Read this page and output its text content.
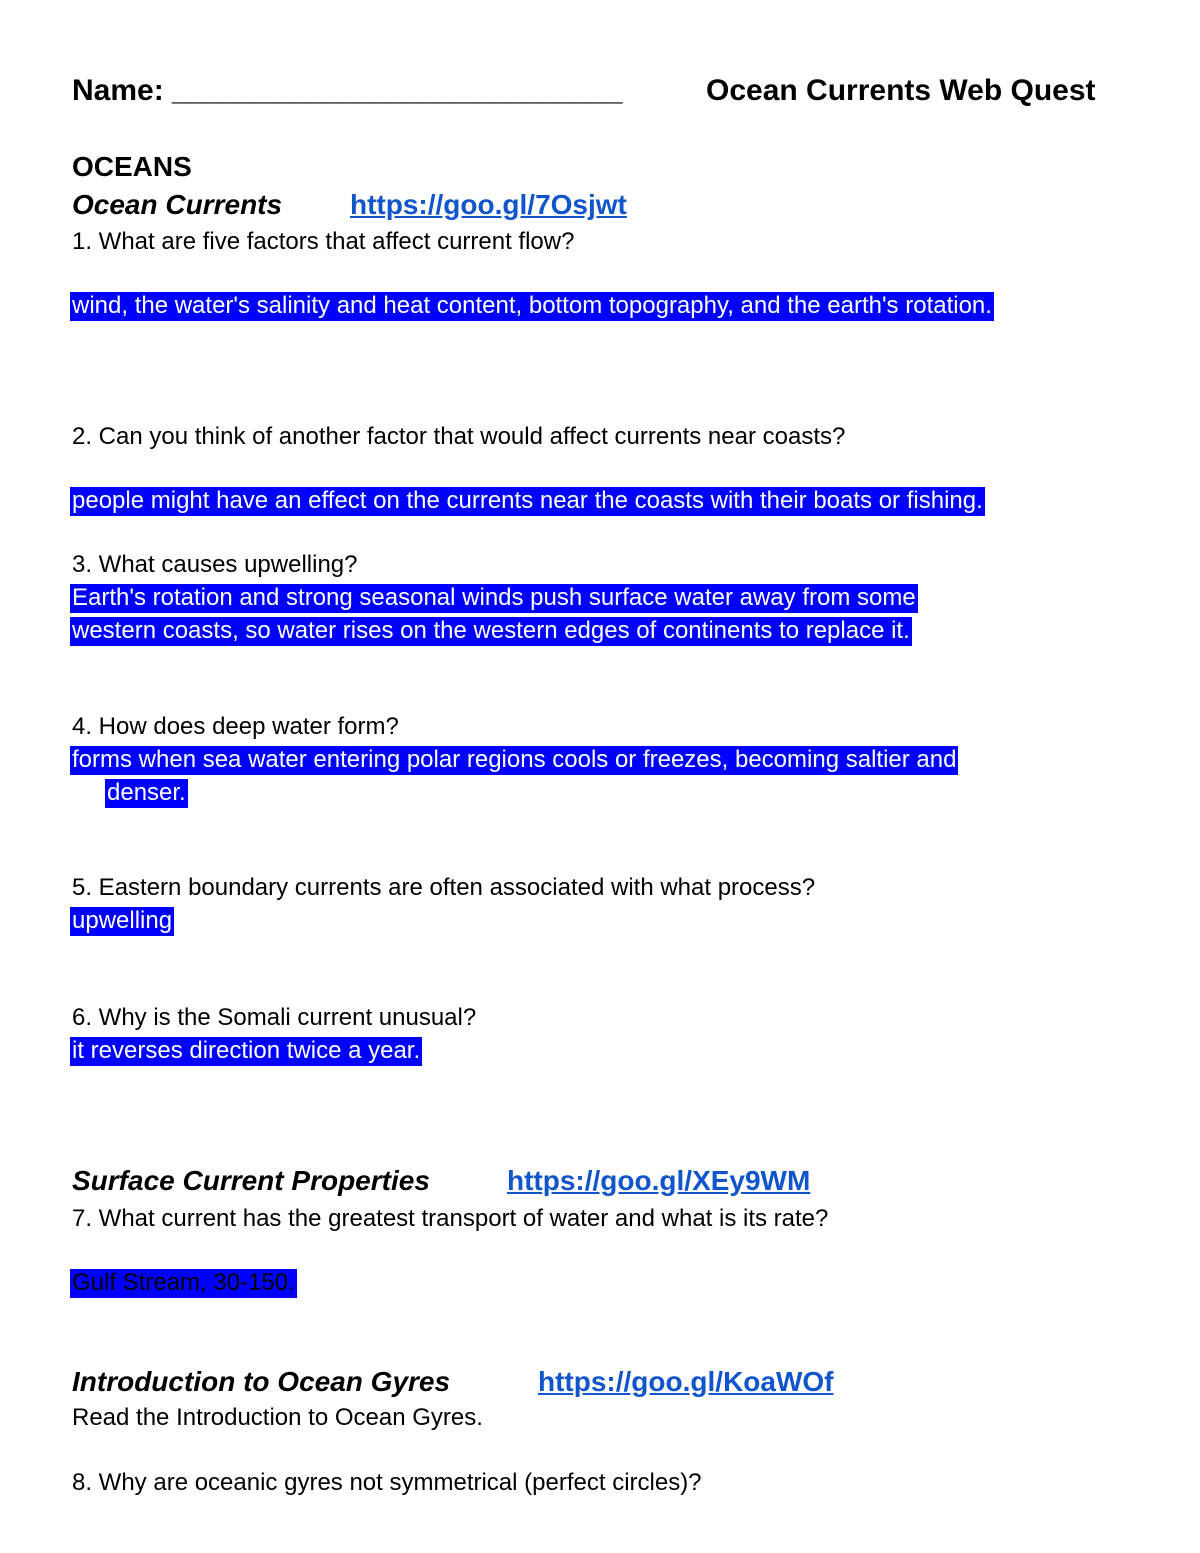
Name: ___________________________	Ocean Currents Web Quest
OCEANS
Ocean Currents https://goo.gl/7Osjwt
1. What are five factors that affect current flow?
wind, the water's salinity and heat content, bottom topography, and the earth's rotation.
2. Can you think of another factor that would affect currents near coasts?
people might have an effect on the currents near the coasts with their boats or fishing.
3. What causes upwelling?
Earth's rotation and strong seasonal winds push surface water away from some
western coasts, so water rises on the western edges of continents to replace it.
4. How does deep water form?
forms when sea water entering polar regions cools or freezes, becoming saltier and
denser.
5. Eastern boundary currents are often associated with what process?
upwelling
6. Why is the Somali current unusual?
it reverses direction twice a year.
Surface Current Properties	https://goo.gl/XEy9WM
7. What current has the greatest transport of water and what is its rate?
Gulf Stream, 30-150.
Introduction to Ocean Gyres	https://goo.gl/KoaWOf
Read the Introduction to Ocean Gyres.
8. Why are oceanic gyres not symmetrical (perfect circles)?
